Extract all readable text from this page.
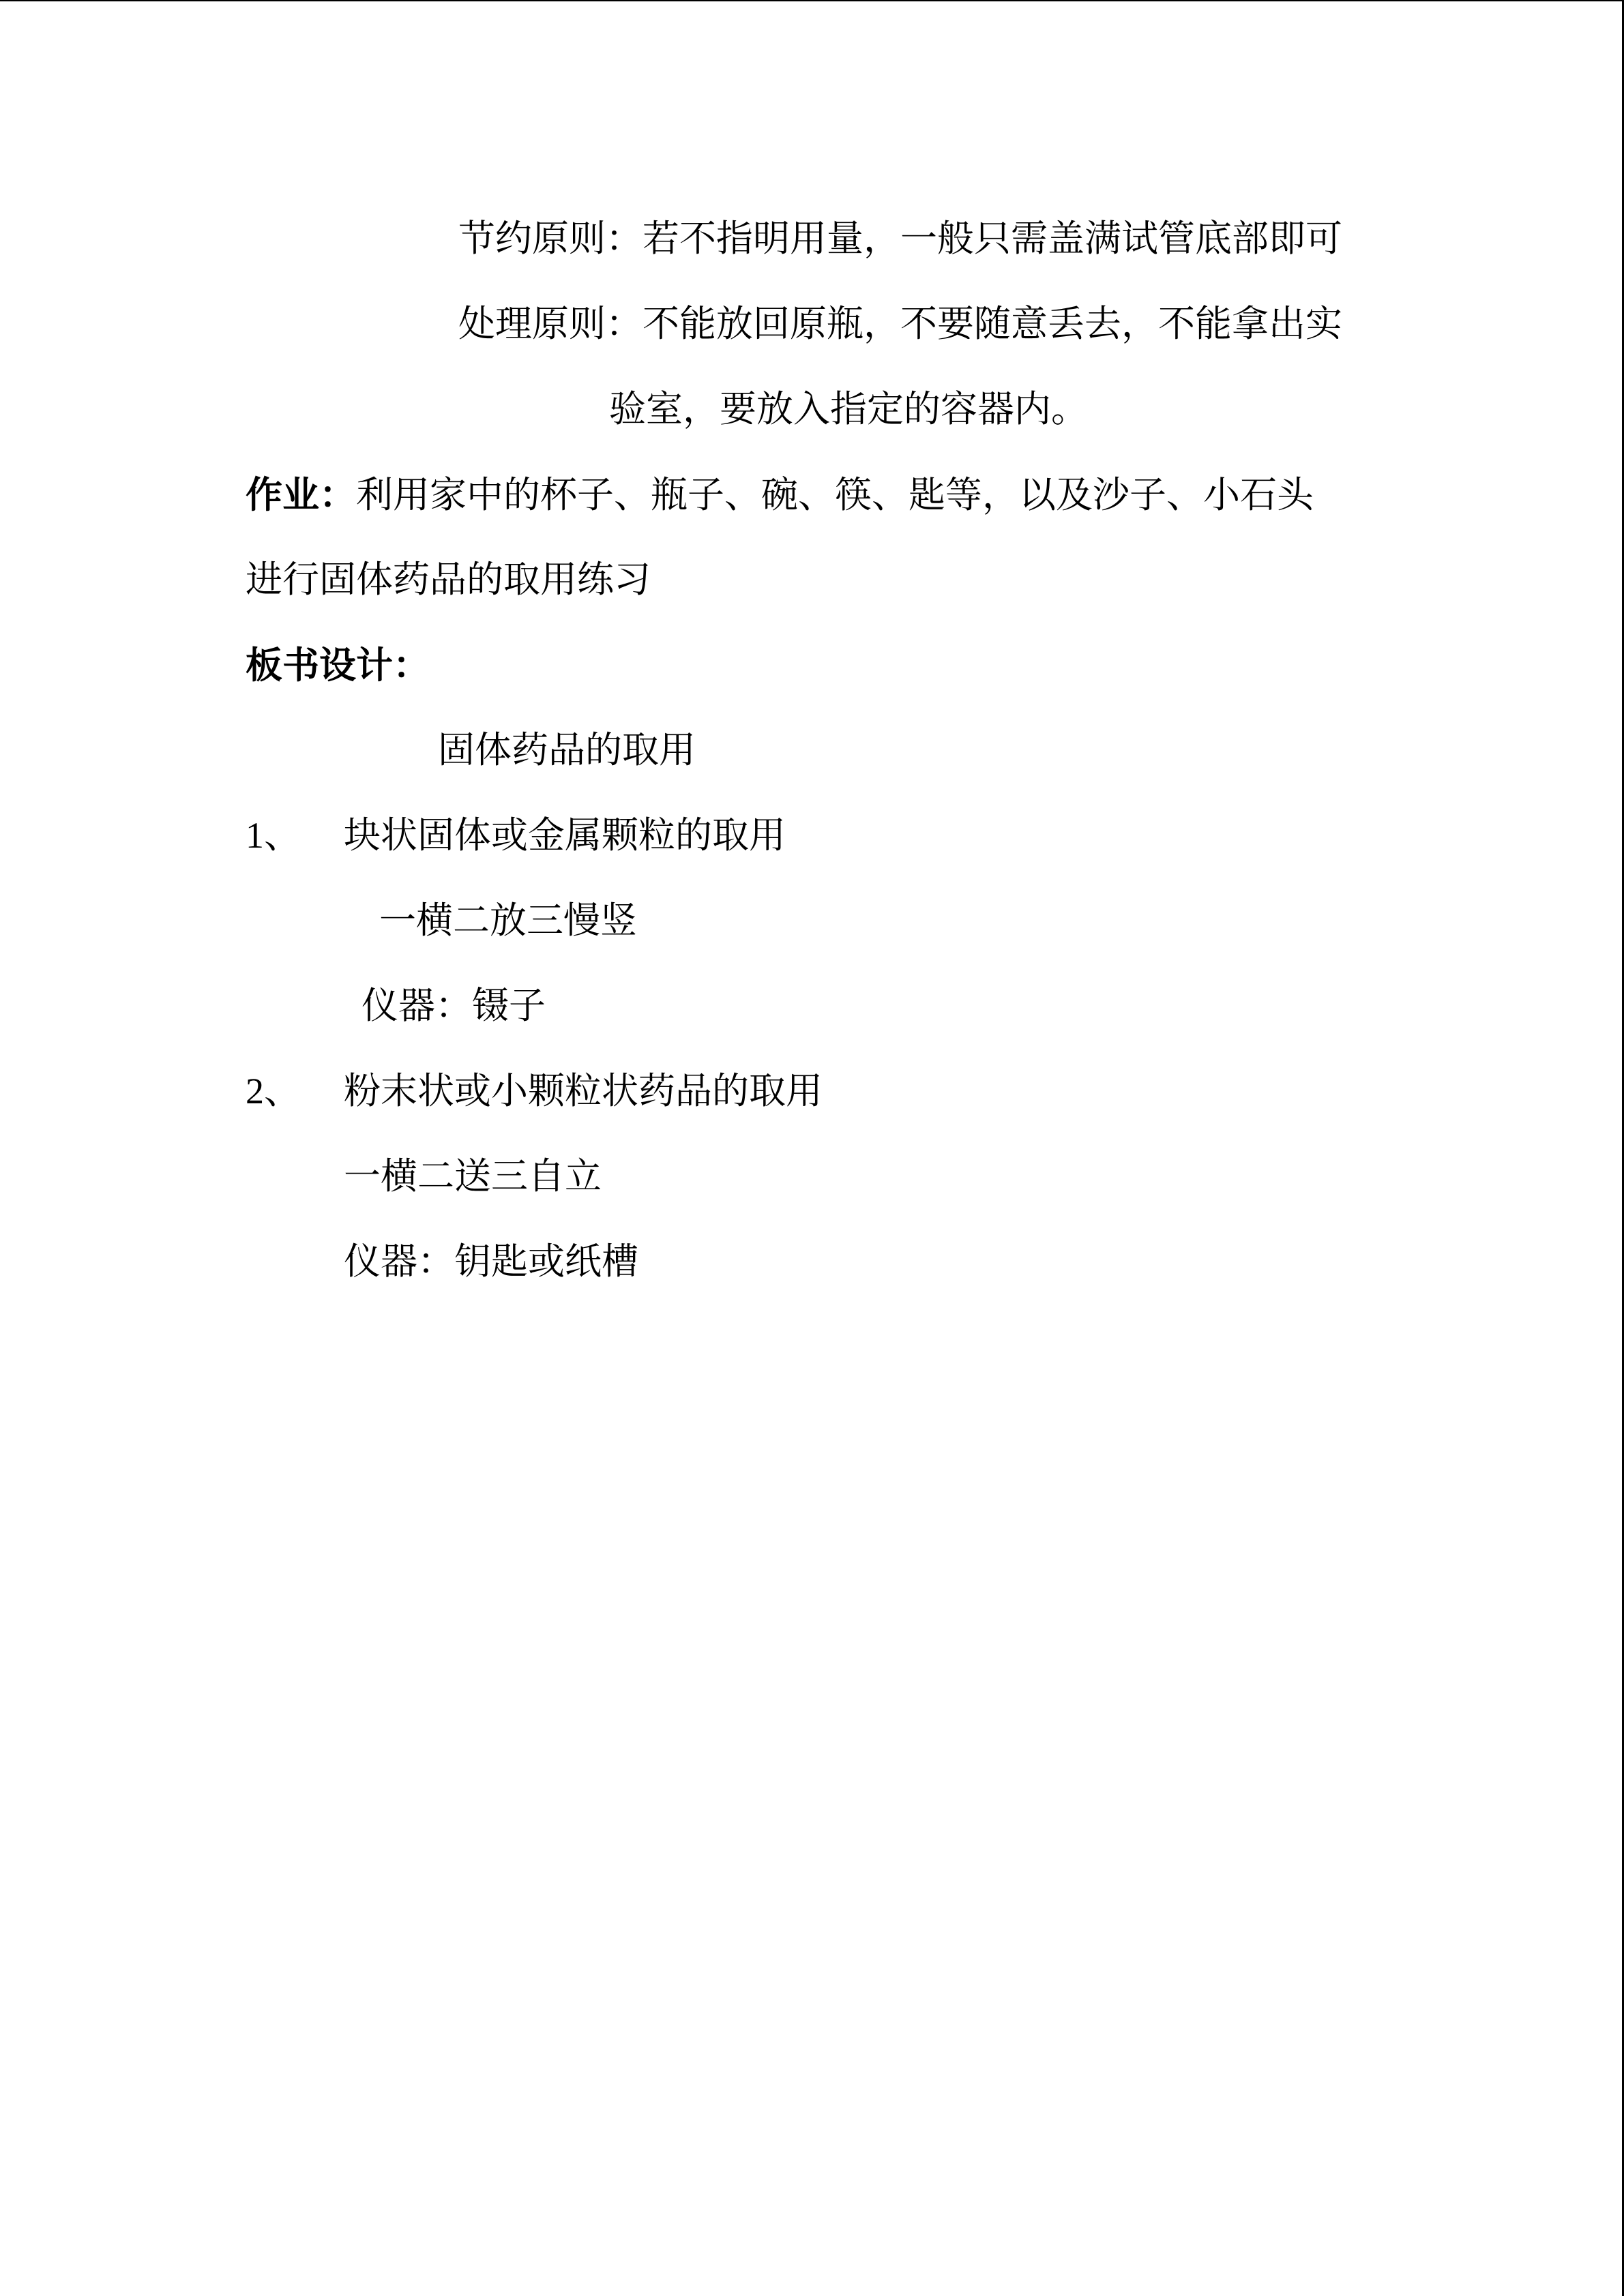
节约原则：若不指明用量，一般只需盖满试管底部即可
处理原则：不能放回原瓶，不要随意丢去，不能拿出实
验室，要放入指定的容器内。
作业：利用家中的杯子、瓶子、碗、筷、匙等，以及沙子、小石头
进行固体药品的取用练习
板书设计：
固体药品的取用
1、 块状固体或金属颗粒的取用
一横二放三慢竖
仪器：镊子
2、 粉末状或小颗粒状药品的取用
一横二送三自立
仪器：钥匙或纸槽
